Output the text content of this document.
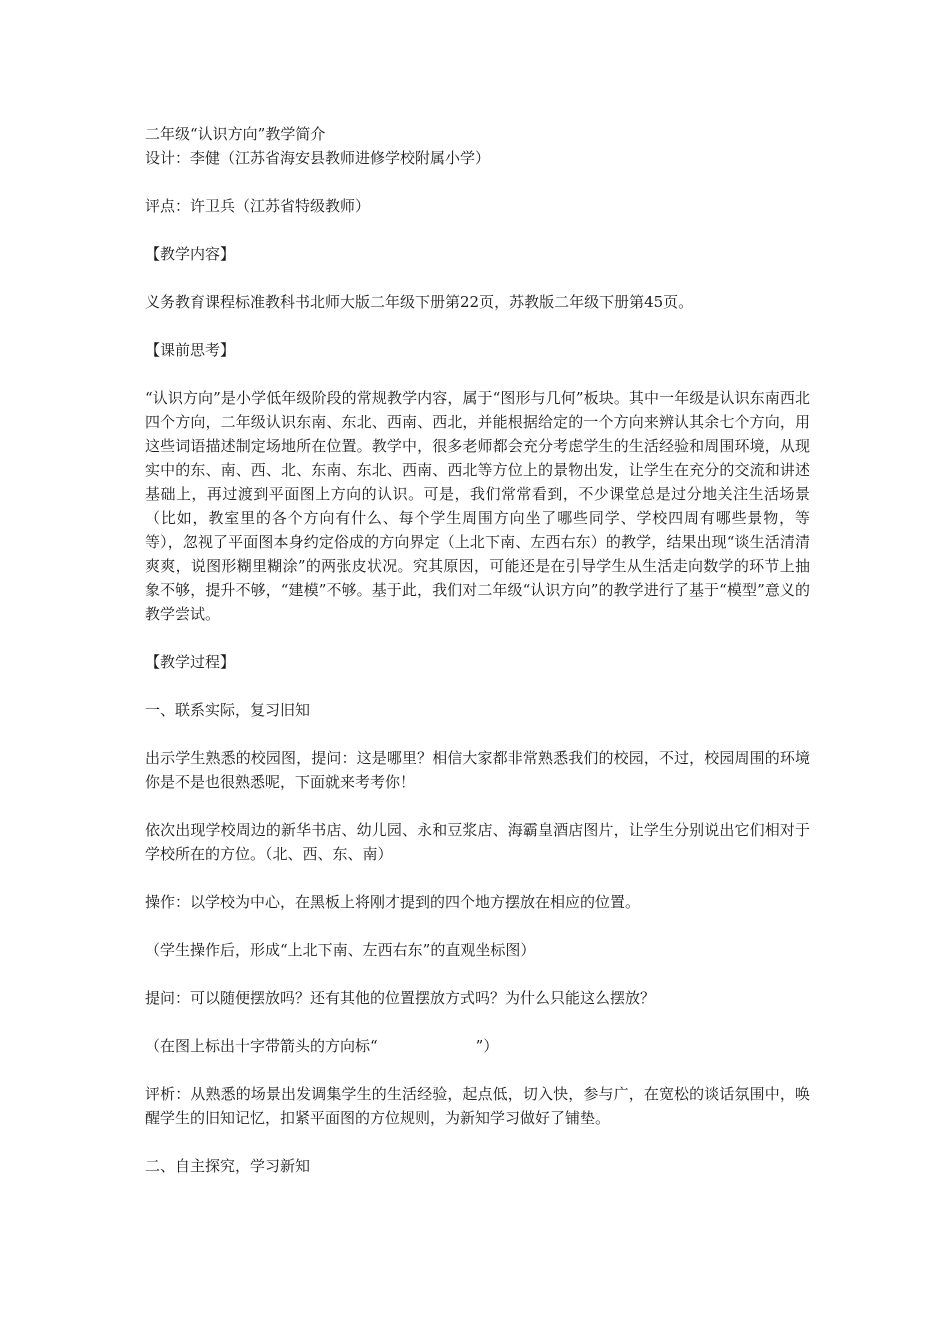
二年级“认识方向”教学简介

设计：李健（江苏省海安县教师进修学校附属小学）

评点：许卫兵（江苏省特级教师）

【教学内容】

义务教育课程标准教科书北师大版二年级下册第22页，苏教版二年级下册第45页。

【课前思考】

“认识方向”是小学低年级阶段的常规教学内容，属于“图形与几何”板块。其中一年级是认识东南西北四个方向，二年级认识东南、东北、西南、西北，并能根据给定的一个方向来辨认其余七个方向，用这些词语描述制定场地所在位置。教学中，很多老师都会充分考虑学生的生活经验和周围环境，从现实中的东、南、西、北、东南、东北、西南、西北等方位上的景物出发，让学生在充分的交流和讲述基础上，再过渡到平面图上方向的认识。可是，我们常常看到，不少课堂总是过分地关注生活场景（比如，教室里的各个方向有什么、每个学生周围方向坐了哪些同学、学校四周有哪些景物，等等），忽视了平面图本身约定俗成的方向界定（上北下南、左西右东）的教学，结果出现“谈生活清清爽爽，说图形糊里糊涂”的两张皮状况。究其原因，可能还是在引导学生从生活走向数学的环节上抽象不够，提升不够，“建模”不够。基于此，我们对二年级“认识方向”的教学进行了基于“模型”意义的教学尝试。

【教学过程】

一、联系实际，复习旧知

出示学生熟悉的校园图，提问：这是哪里？相信大家都非常熟悉我们的校园，不过，校园周围的环境你是不是也很熟悉呢，下面就来考考你！

依次出现学校周边的新华书店、幼儿园、永和豆浆店、海霸皇酒店图片，让学生分别说出它们相对于学校所在的方位。（北、西、东、南）

操作：以学校为中心，在黑板上将刚才提到的四个地方摆放在相应的位置。

（学生操作后，形成“上北下南、左西右东”的直观坐标图）

提问：可以随便摆放吗？还有其他的位置摆放方式吗？为什么只能这么摆放？

（在图上标出十字带箭头的方向标“	”）

评析：从熟悉的场景出发调集学生的生活经验，起点低，切入快，参与广，在宽松的谈话氛围中，唤醒学生的旧知记忆，扣紧平面图的方位规则，为新知学习做好了铺垫。

二、自主探究，学习新知
